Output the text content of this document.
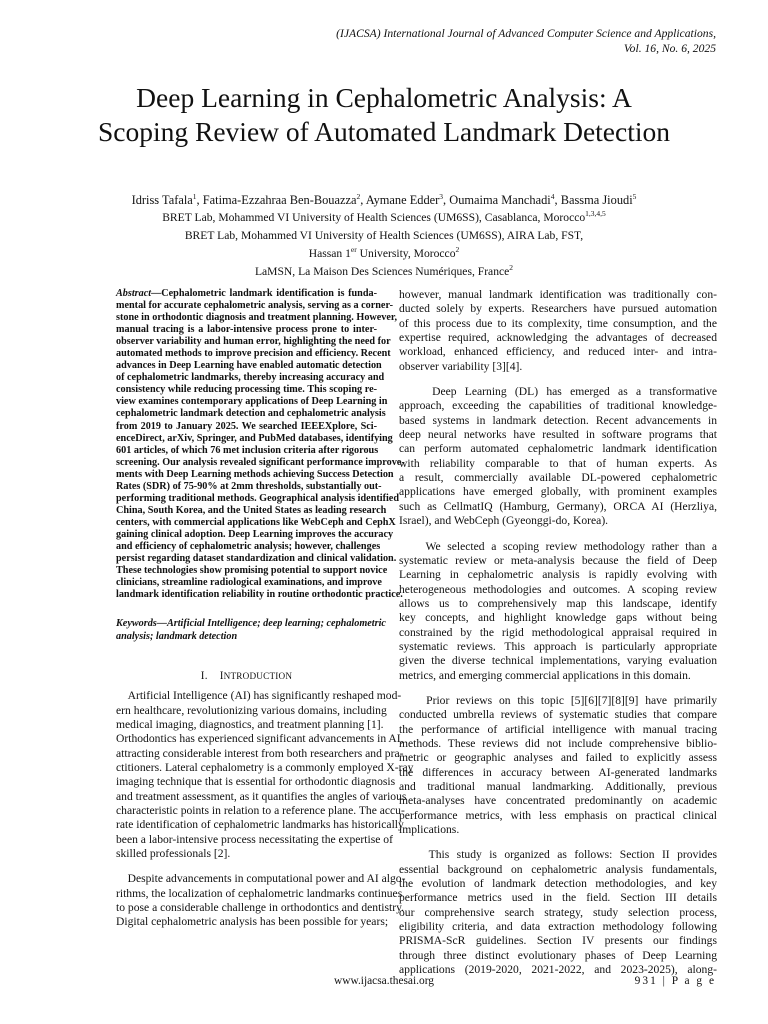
(IJACSA) International Journal of Advanced Computer Science and Applications,
Vol. 16, No. 6, 2025
Deep Learning in Cephalometric Analysis: A
Scoping Review of Automated Landmark Detection
Idriss Tafala$^1$, Fatima-Ezzahraa Ben-Bouazza$^2$, Aymane Edder$^3$, Oumaima Manchadi$^4$, Bassma Jioudi$^5$
BRET Lab, Mohammed VI University of Health Sciences (UM6SS), Casablanca, Morocco$^{1,3,4,5}$
BRET Lab, Mohammed VI University of Health Sciences (UM6SS), AIRA Lab, FST,
Hassan 1er University, Morocco$^2$
LaMSN, La Maison Des Sciences Numériques, France$^2$

Abstract—Cephalometric landmark identification is funda-
mental for accurate cephalometric analysis, serving as a corner-
stone in orthodontic diagnosis and treatment planning. However,
manual tracing is a labor-intensive process prone to inter-
observer variability and human error, highlighting the need for
automated methods to improve precision and efficiency. Recent
advances in Deep Learning have enabled automatic detection
of cephalometric landmarks, thereby increasing accuracy and
consistency while reducing processing time. This scoping re-
view examines contemporary applications of Deep Learning in
cephalometric landmark detection and cephalometric analysis
from 2019 to January 2025. We searched IEEEXplore, Sci-
enceDirect, arXiv, Springer, and PubMed databases, identifying
601 articles, of which 76 met inclusion criteria after rigorous
screening. Our analysis revealed significant performance improve-
ments with Deep Learning methods achieving Success Detection
Rates (SDR) of 75-90% at 2mm thresholds, substantially out-
performing traditional methods. Geographical analysis identified
China, South Korea, and the United States as leading research
centers, with commercial applications like WebCeph and CephX
gaining clinical adoption. Deep Learning improves the accuracy
and efficiency of cephalometric analysis; however, challenges
persist regarding dataset standardization and clinical validation.
These technologies show promising potential to support novice
clinicians, streamline radiological examinations, and improve
landmark identification reliability in routine orthodontic practice.

Keywords—Artificial Intelligence; deep learning; cephalometric
analysis; landmark detection

I. INTRODUCTION

Artificial Intelligence (AI) has significantly reshaped mod-
ern healthcare, revolutionizing various domains, including
medical imaging, diagnostics, and treatment planning [1].
Orthodontics has experienced significant advancements in AI,
attracting considerable interest from both researchers and pra-
ctitioners. Lateral cephalometry is a commonly employed X-ray
imaging technique that is essential for orthodontic diagnosis
and treatment assessment, as it quantifies the angles of various
characteristic points in relation to a reference plane. The accu-
rate identification of cephalometric landmarks has historically
been a labor-intensive process necessitating the expertise of
skilled professionals [2].

Despite advancements in computational power and AI algo-
rithms, the localization of cephalometric landmarks continues
to pose a considerable challenge in orthodontics and dentistry.
Digital cephalometric analysis has been possible for years;

however, manual landmark identification was traditionally con-
ducted solely by experts. Researchers have pursued automation
of this process due to its complexity, time consumption, and the
expertise required, acknowledging the advantages of decreased
workload, enhanced efficiency, and reduced inter- and intra-
observer variability [3][4].

Deep Learning (DL) has emerged as a transformative
approach, exceeding the capabilities of traditional knowledge-
based systems in landmark detection. Recent advancements in
deep neural networks have resulted in software programs that
can perform automated cephalometric landmark identification
with reliability comparable to that of human experts. As
a result, commercially available DL-powered cephalometric
applications have emerged globally, with prominent examples
such as CellmatIQ (Hamburg, Germany), ORCA AI (Herzliya,
Israel), and WebCeph (Gyeonggi-do, Korea).

We selected a scoping review methodology rather than a
systematic review or meta-analysis because the field of Deep
Learning in cephalometric analysis is rapidly evolving with
heterogeneous methodologies and outcomes. A scoping review
allows us to comprehensively map this landscape, identify
key concepts, and highlight knowledge gaps without being
constrained by the rigid methodological appraisal required in
systematic reviews. This approach is particularly appropriate
given the diverse technical implementations, varying evaluation
metrics, and emerging commercial applications in this domain.

Prior reviews on this topic [5][6][7][8][9] have primarily
conducted umbrella reviews of systematic studies that compare
the performance of artificial intelligence with manual tracing
methods. These reviews did not include comprehensive biblio-
metric or geographic analyses and failed to explicitly assess
the differences in accuracy between AI-generated landmarks
and traditional manual landmarking. Additionally, previous
meta-analyses have concentrated predominantly on academic
performance metrics, with less emphasis on practical clinical
implications.

This study is organized as follows: Section II provides
essential background on cephalometric analysis fundamentals,
the evolution of landmark detection methodologies, and key
performance metrics used in the field. Section III details
our comprehensive search strategy, study selection process,
eligibility criteria, and data extraction methodology following
PRISMA-ScR guidelines. Section IV presents our findings
through three distinct evolutionary phases of Deep Learning
applications (2019-2020, 2021-2022, and 2023-2025), along-

www.ijacsa.thesai.org	931 | P a g e
